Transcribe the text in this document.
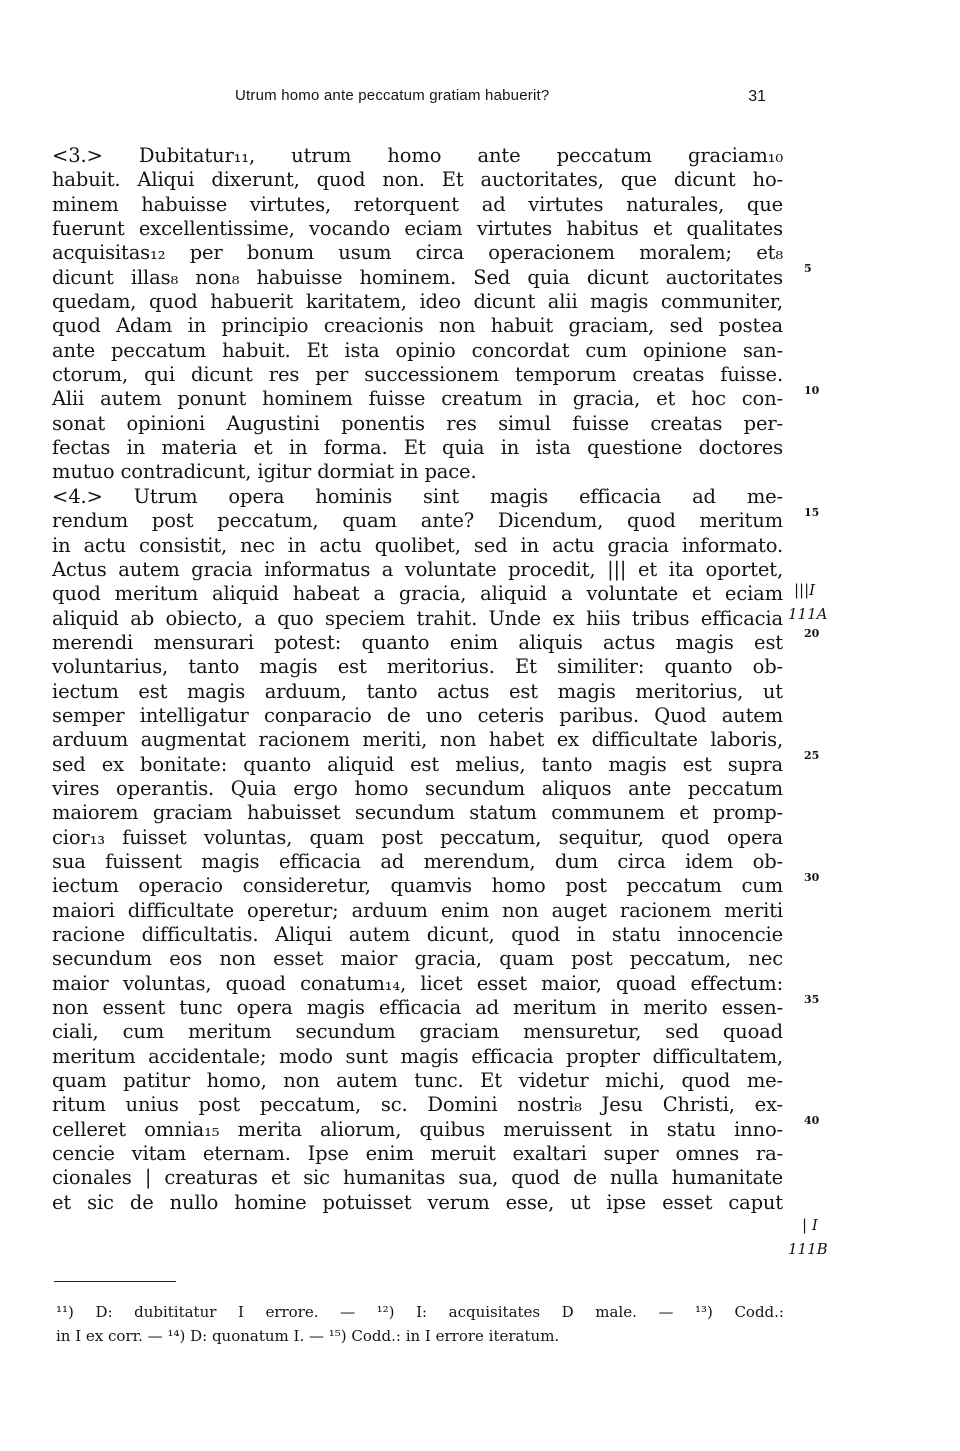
Utrum homo ante peccatum gratiam habuerit?	31
<3.> Dubitatur₁₁, utrum homo ante peccatum graciam₁₀
habuit. Aliqui dixerunt, quod non. Et auctoritates, que dicunt ho-
minem habuisse virtutes, retorquent ad virtutes naturales, que
fuerunt excellentissime, vocando eciam virtutes habitus et qualitates
acquisitas₁₂ per bonum usum circa operacionem moralem; et₈
dicunt illas₈ non₈ habuisse hominem. Sed quia dicunt auctoritates
quedam, quod habuerit karitatem, ideo dicunt alii magis communiter,
quod Adam in principio creacionis non habuit graciam, sed postea
ante peccatum habuit. Et ista opinio concordat cum opinione san-
ctorum, qui dicunt res per successionem temporum creatas fuisse.
Alii autem ponunt hominem fuisse creatum in gracia, et hoc con-
sonat opinioni Augustini ponentis res simul fuisse creatas per-
fectas in materia et in forma. Et quia in ista questione doctores
mutuo contradicunt, igitur dormiat in pace.
<4.> Utrum opera hominis sint magis efficacia ad me-
rendum post peccatum, quam ante? Dicendum, quod meritum
in actu consistit, nec in actu quolibet, sed in actu gracia informato.
Actus autem gracia informatus a voluntate procedit, ||| et ita oportet,
quod meritum aliquid habeat a gracia, aliquid a voluntate et eciam
aliquid ab obiecto, a quo speciem trahit. Unde ex hiis tribus efficacia
merendi mensurari potest: quanto enim aliquis actus magis est
voluntarius, tanto magis est meritorius. Et similiter: quanto ob-
iectum est magis arduum, tanto actus est magis meritorius, ut
semper intelligatur conparacio de uno ceteris paribus. Quod autem
arduum augmentat racionem meriti, non habet ex difficultate laboris,
sed ex bonitate: quanto aliquid est melius, tanto magis est supra
vires operantis. Quia ergo homo secundum aliquos ante peccatum
maiorem graciam habuisset secundum statum communem et promp-
cior₁₃ fuisset voluntas, quam post peccatum, sequitur, quod opera
sua fuissent magis efficacia ad merendum, dum circa idem ob-
iectum operacio consideretur, quamvis homo post peccatum cum
maiori difficultate operetur; arduum enim non auget racionem meriti
racione difficultatis. Aliqui autem dicunt, quod in statu innocencie
secundum eos non esset maior gracia, quam post peccatum, nec
maior voluntas, quoad conatum₁₄, licet esset maior, quoad effectum:
non essent tunc opera magis efficacia ad meritum in merito essen-
ciali, cum meritum secundum graciam mensuretur, sed quoad
meritum accidentale; modo sunt magis efficacia propter difficultatem,
quam patitur homo, non autem tunc. Et videtur michi, quod me-
ritum unius post peccatum, sc. Domini nostri₈ Jesu Christi, ex-
celleret omnia₁₅ merita aliorum, quibus meruissent in statu inno-
cencie vitam eternam. Ipse enim meruit exaltari super omnes ra-
cionales | creaturas et sic humanitas sua, quod de nulla humanitate
et sic de nullo homine potuisset verum esse, ut ipse esset caput
5
10
15
20
25
30
35
40
|||I
111A
| I
111B
¹¹) D: dubititatur I errore. — ¹²) I: acquisitates D male. — ¹³) Codd.:
in I ex corr. — ¹⁴) D: quonatum I. — ¹⁵) Codd.: in I errore iteratum.
